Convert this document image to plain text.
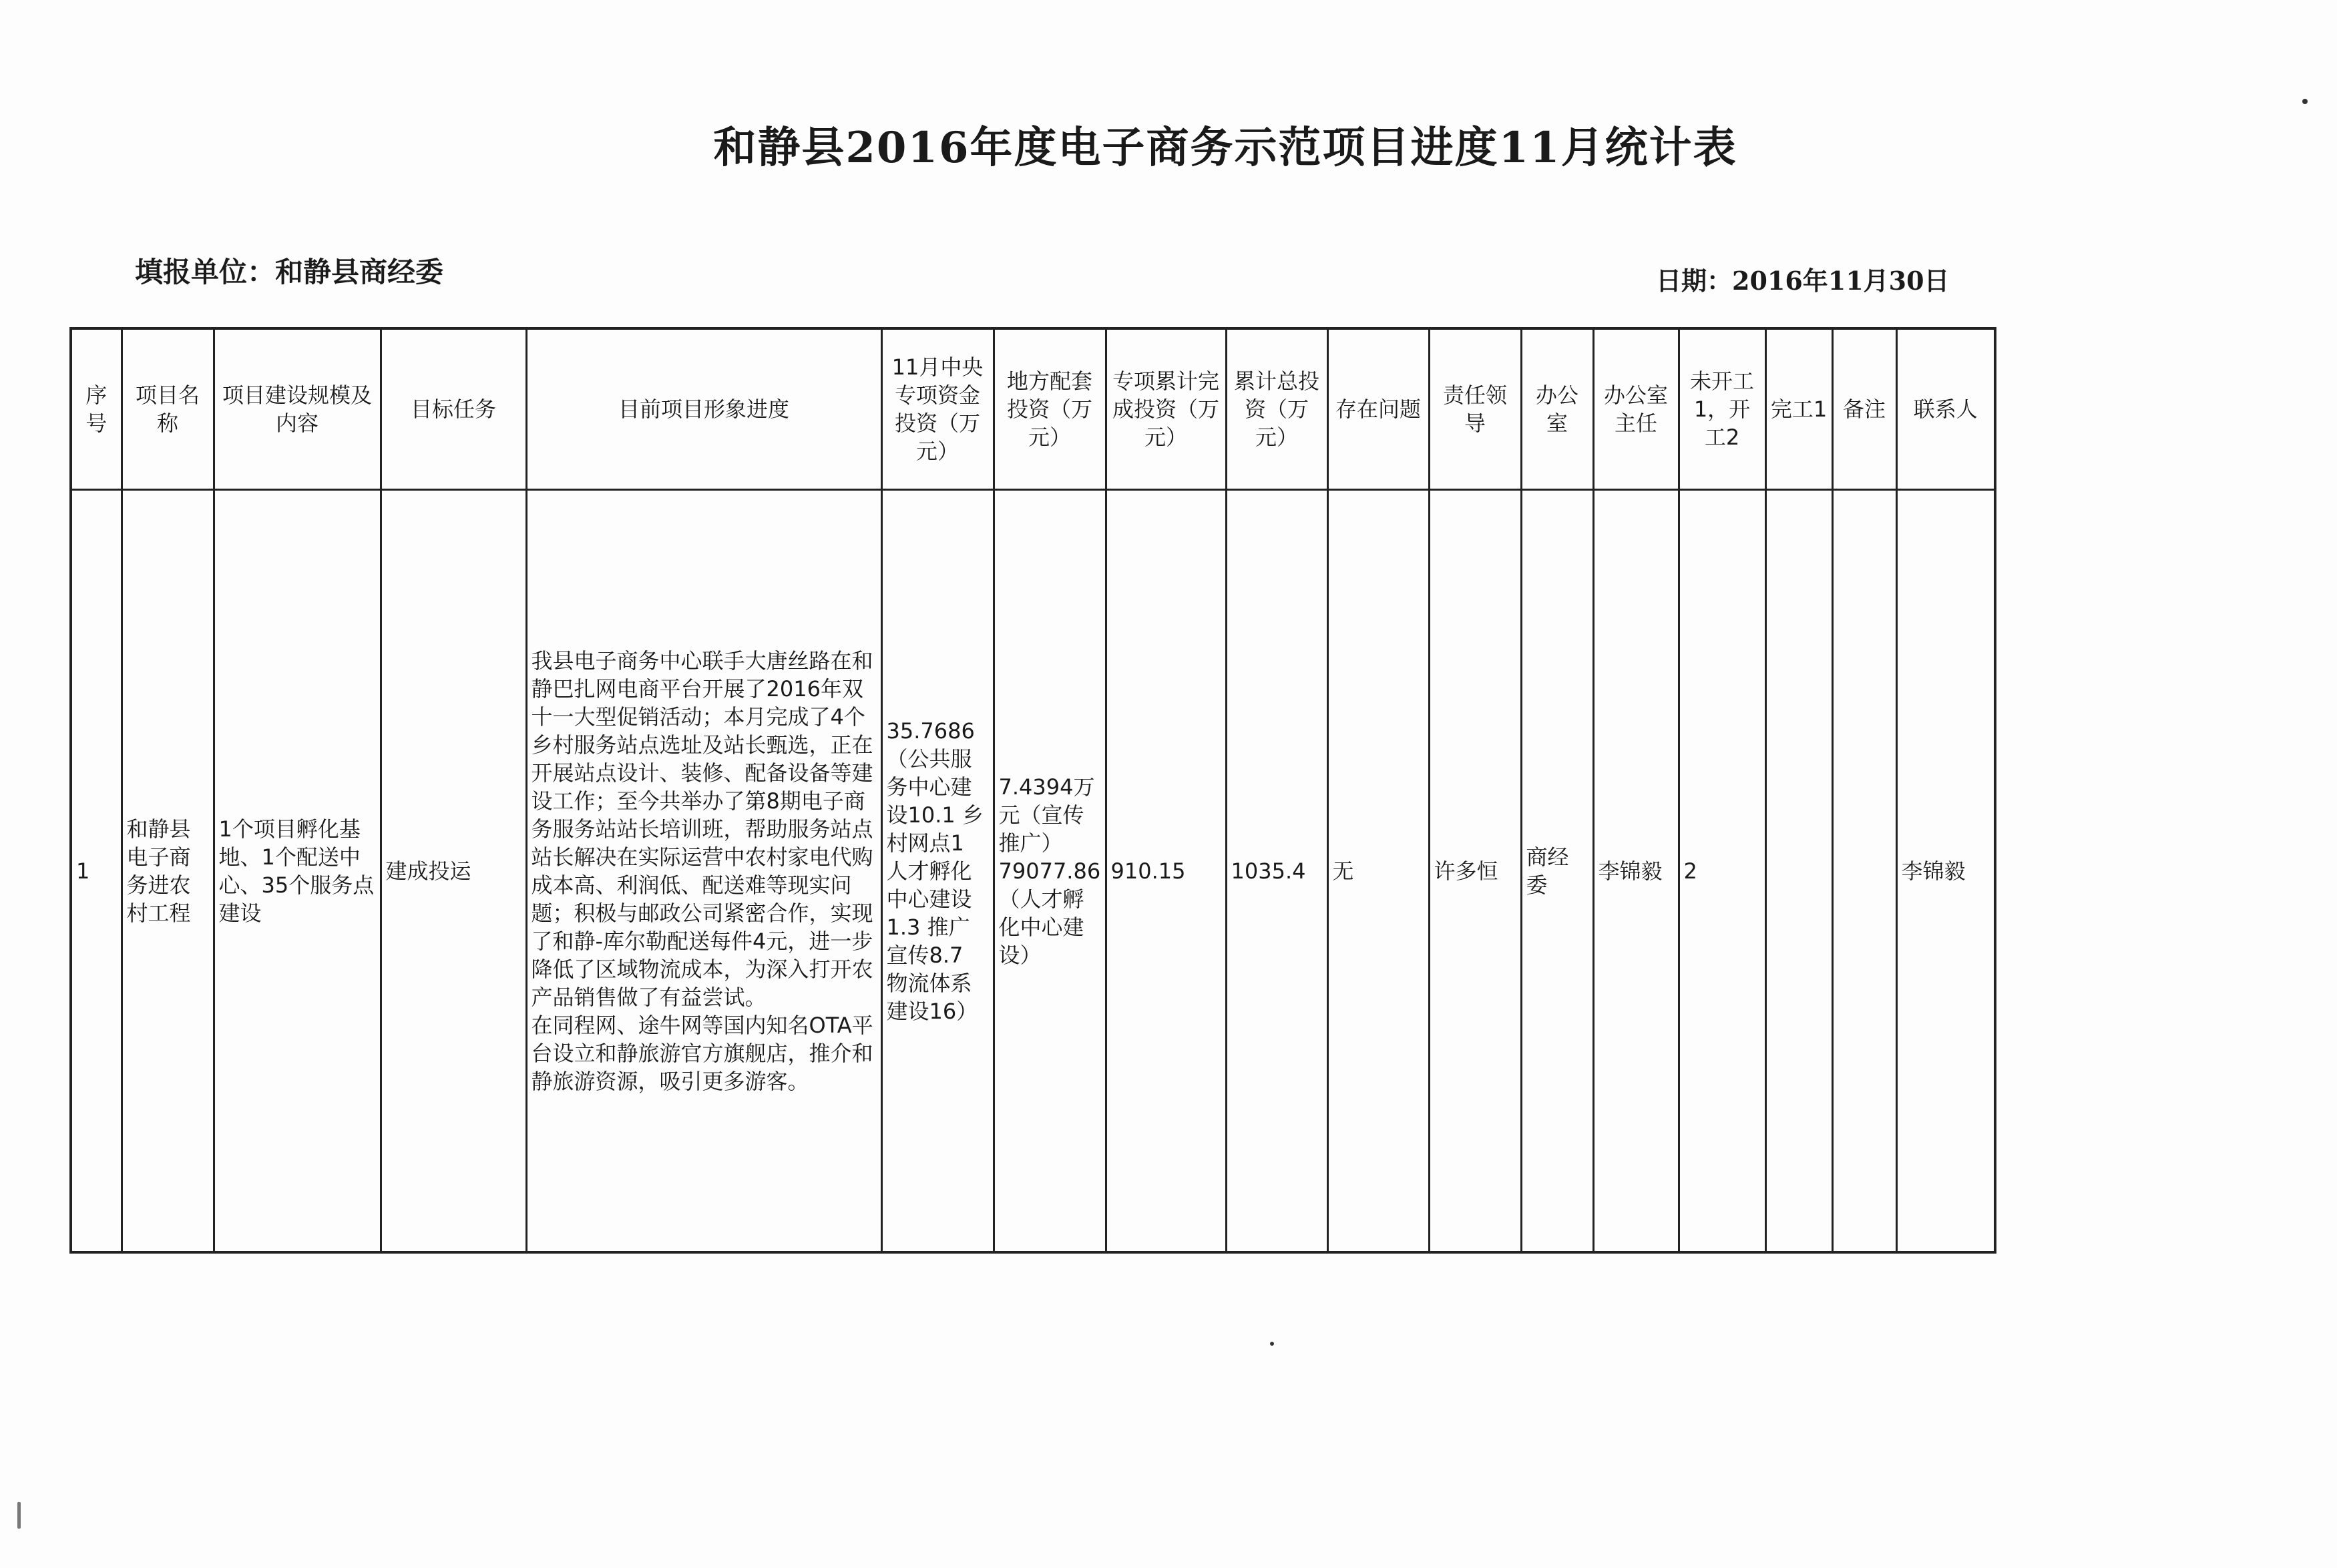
和静县2016年度电子商务示范项目进度11月统计表
填报单位：和静县商经委	日期：2016年11月30日
序号	项目名称	项目建设规模及内容	目标任务	目前项目形象进度	11月中央专项资金投资（万元）	地方配套投资（万元）	专项累计完成投资（万元）	累计总投资（万元）	存在问题	责任领导	办公室	办公室主任	未开工1，开工2	完工1	备注	联系人
1	和静县电子商务进农村工程	1个项目孵化基地、1个配送中心、35个服务点建设	建成投运	我县电子商务中心联手大唐丝路在和静巴扎网电商平台开展了2016年双十一大型促销活动；本月完成了4个乡村服务站点选址及站长甄选，正在开展站点设计、装修、配备设备等建设工作；至今共举办了第8期电子商务服务站站长培训班，帮助服务站点站长解决在实际运营中农村家电代购成本高、利润低、配送难等现实问题；积极与邮政公司紧密合作，实现了和静-库尔勒配送每件4元，进一步降低了区域物流成本，为深入打开农产品销售做了有益尝试。
在同程网、途牛网等国内知名OTA平台设立和静旅游官方旗舰店，推介和静旅游资源，吸引更多游客。	35.7686（公共服务中心建设10.1 乡村网点1 人才孵化中心建设1.3 推广宣传8.7 物流体系建设16）	7.4394万元（宣传推广）79077.86（人才孵化中心建设）	910.15	1035.4	无	许多恒	商经委	李锦毅	2			李锦毅
